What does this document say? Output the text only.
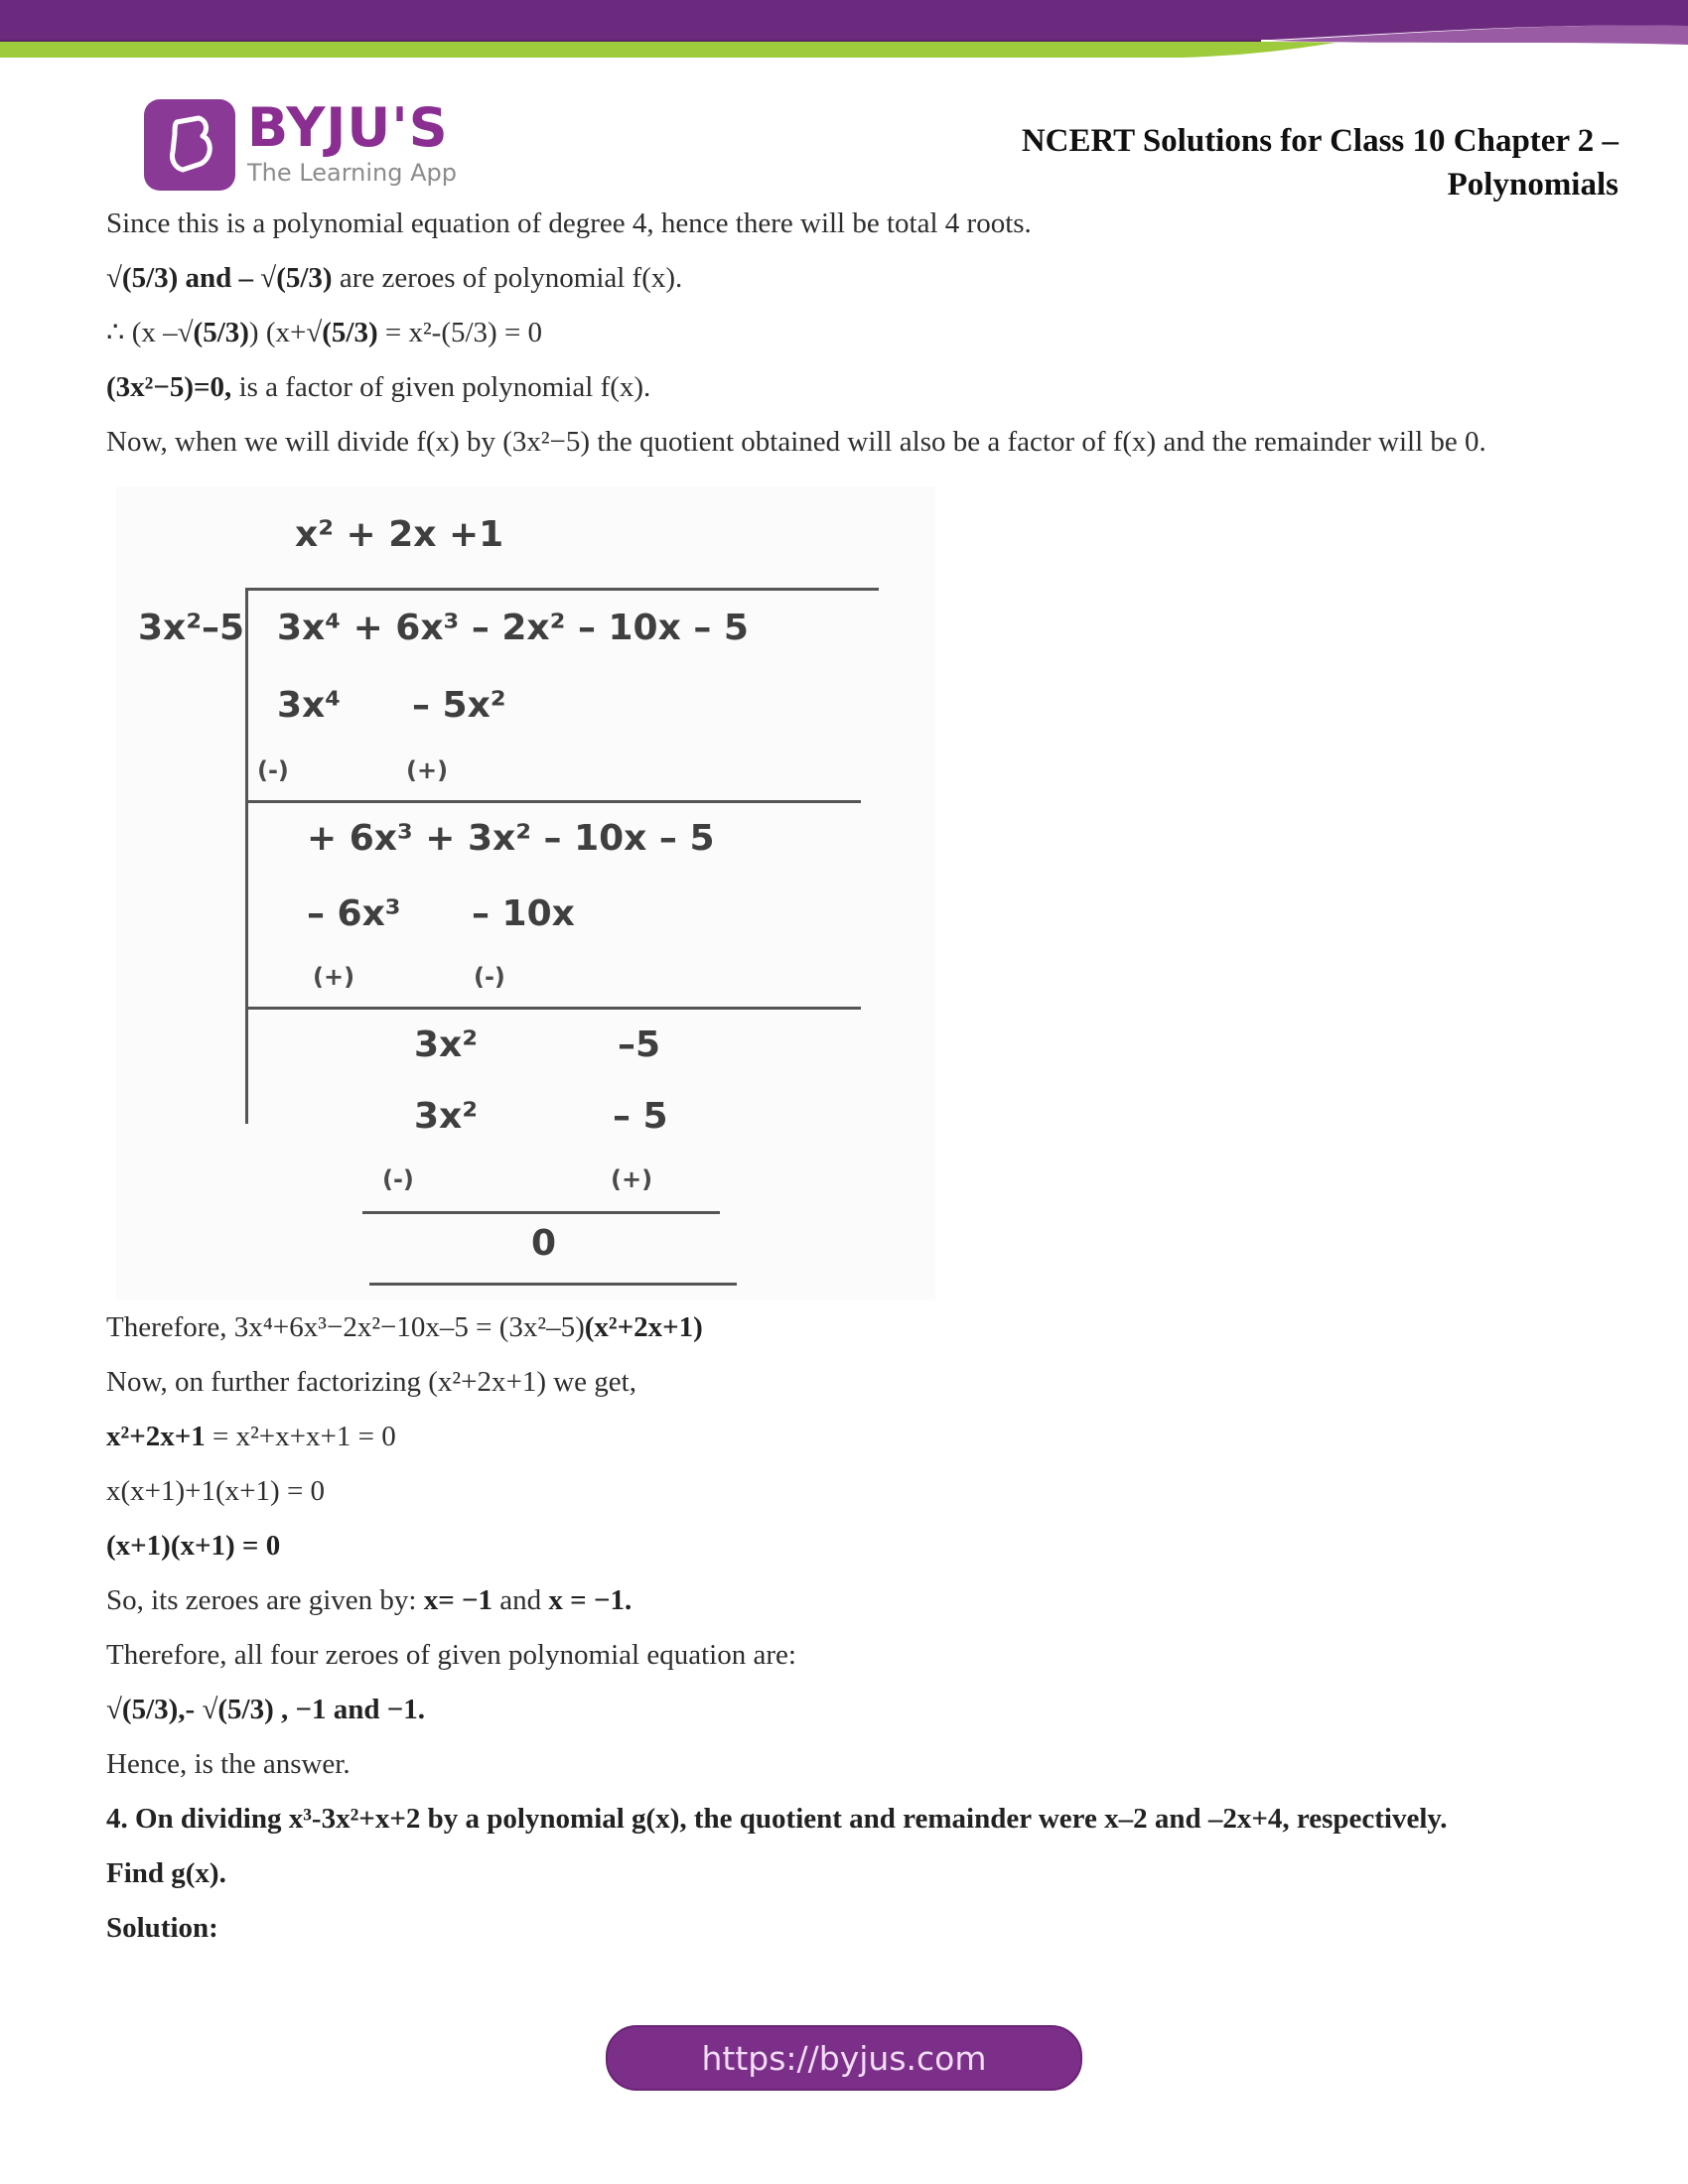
BYJU'S
The Learning App
NCERT Solutions for Class 10 Chapter 2 –
Polynomials

Since this is a polynomial equation of degree 4, hence there will be total 4 roots.

√(5/3) and – √(5/3) are zeroes of polynomial f(x).

∴ (x –√(5/3)) (x+√(5/3) = x²-(5/3) = 0

(3x²−5)=0, is a factor of given polynomial f(x).

Now, when we will divide f(x) by (3x²−5) the quotient obtained will also be a factor of f(x) and the remainder will be 0.

x² + 2x +1
3x²–5 3x⁴ + 6x³ – 2x² – 10x – 5
3x⁴ – 5x²
(-)	(+)
+ 6x³ + 3x² – 10x – 5
– 6x³ – 10x
(+)	(-)
3x²	–5
3x²	– 5
(-)	(+)
0

Therefore, 3x⁴+6x³−2x²−10x–5 = (3x²–5)(x²+2x+1)

Now, on further factorizing (x²+2x+1) we get,

x²+2x+1 = x²+x+x+1 = 0

x(x+1)+1(x+1) = 0

(x+1)(x+1) = 0

So, its zeroes are given by: x= −1 and x = −1.

Therefore, all four zeroes of given polynomial equation are:

√(5/3),- √(5/3) , −1 and −1.

Hence, is the answer.

4. On dividing x³-3x²+x+2 by a polynomial g(x), the quotient and remainder were x–2 and –2x+4, respectively.
Find g(x).

Solution:

https://byjus.com
